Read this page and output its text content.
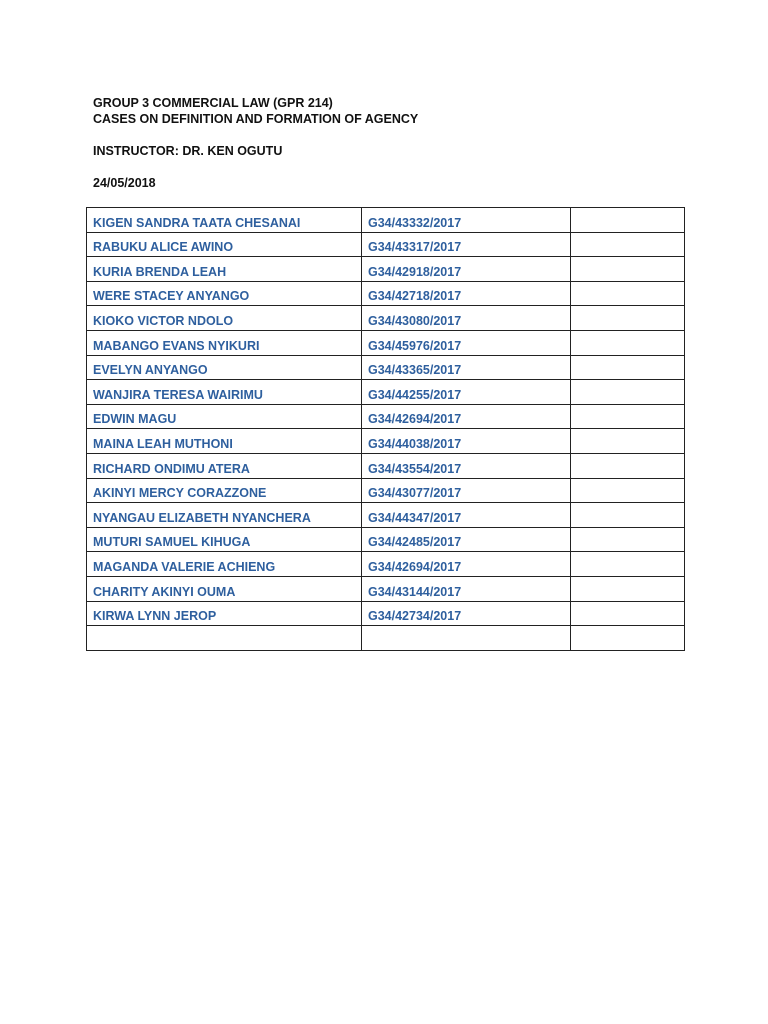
GROUP 3 COMMERCIAL LAW (GPR 214)
CASES ON DEFINITION AND FORMATION OF AGENCY
INSTRUCTOR: DR. KEN OGUTU
24/05/2018
KIGEN SANDRA TAATA CHESANAI	G34/43332/2017	

RABUKU ALICE AWINO	G34/43317/2017	

KURIA BRENDA LEAH	G34/42918/2017	

WERE STACEY ANYANGO	G34/42718/2017	

KIOKO VICTOR NDOLO	G34/43080/2017	

MABANGO EVANS NYIKURI	G34/45976/2017	

EVELYN ANYANGO	G34/43365/2017	

WANJIRA TERESA WAIRIMU	G34/44255/2017	

EDWIN MAGU	G34/42694/2017	

MAINA LEAH MUTHONI	G34/44038/2017	

RICHARD ONDIMU ATERA	G34/43554/2017	

AKINYI MERCY CORAZZONE	G34/43077/2017	

NYANGAU ELIZABETH NYANCHERA	G34/44347/2017	

MUTURI SAMUEL KIHUGA	G34/42485/2017	

MAGANDA VALERIE ACHIENG	G34/42694/2017	

CHARITY AKINYI OUMA	G34/43144/2017	

KIRWA LYNN JEROP	G34/42734/2017	
